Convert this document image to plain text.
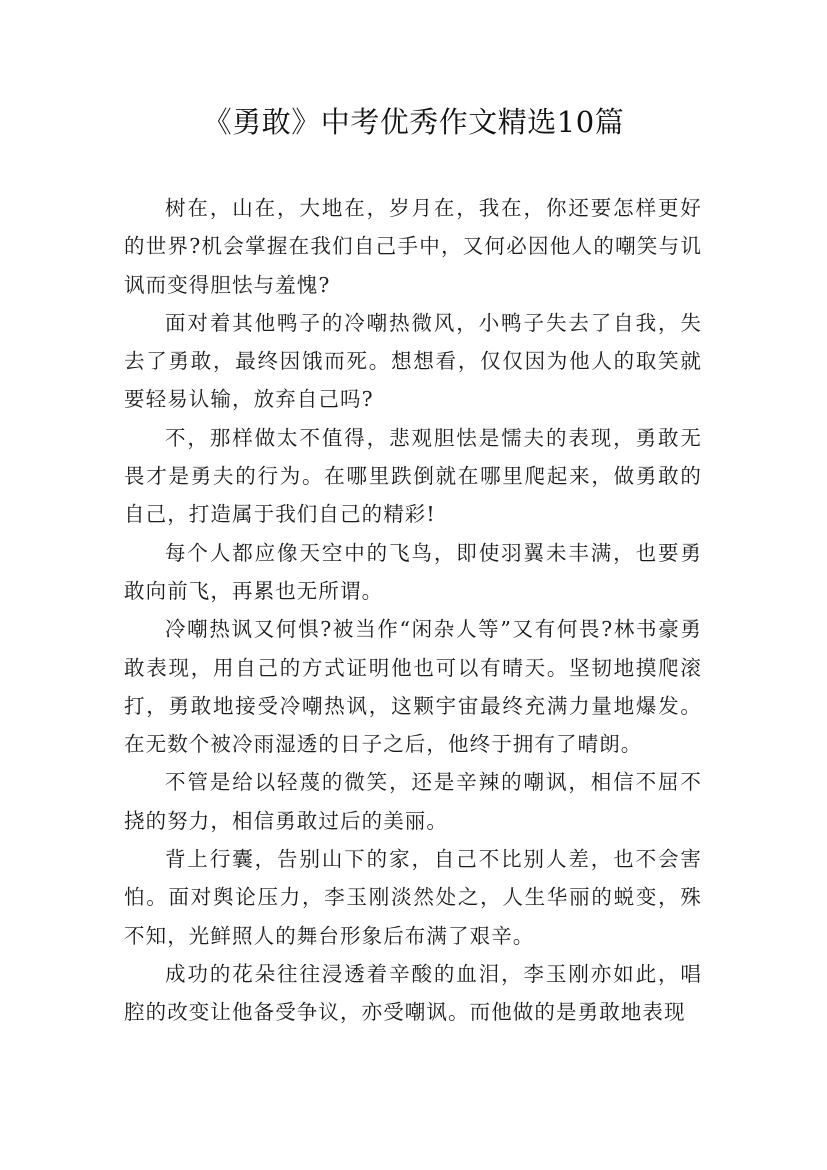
《勇敢》中考优秀作文精选10篇

树在，山在，大地在，岁月在，我在，你还要怎样更好的世界?机会掌握在我们自己手中，又何必因他人的嘲笑与讥讽而变得胆怯与羞愧?

面对着其他鸭子的冷嘲热微风，小鸭子失去了自我，失去了勇敢，最终因饿而死。想想看，仅仅因为他人的取笑就要轻易认输，放弃自己吗?

不，那样做太不值得，悲观胆怯是懦夫的表现，勇敢无畏才是勇夫的行为。在哪里跌倒就在哪里爬起来，做勇敢的自己，打造属于我们自己的精彩!

每个人都应像天空中的飞鸟，即使羽翼未丰满，也要勇敢向前飞，再累也无所谓。

冷嘲热讽又何惧?被当作“闲杂人等”又有何畏?林书豪勇敢表现，用自己的方式证明他也可以有晴天。坚韧地摸爬滚打，勇敢地接受冷嘲热讽，这颗宇宙最终充满力量地爆发。在无数个被冷雨湿透的日子之后，他终于拥有了晴朗。

不管是给以轻蔑的微笑，还是辛辣的嘲讽，相信不屈不挠的努力，相信勇敢过后的美丽。

背上行囊，告别山下的家，自己不比别人差，也不会害怕。面对舆论压力，李玉刚淡然处之，人生华丽的蜕变，殊不知，光鲜照人的舞台形象后布满了艰辛。

成功的花朵往往浸透着辛酸的血泪，李玉刚亦如此，唱腔的改变让他备受争议，亦受嘲讽。而他做的是勇敢地表现
